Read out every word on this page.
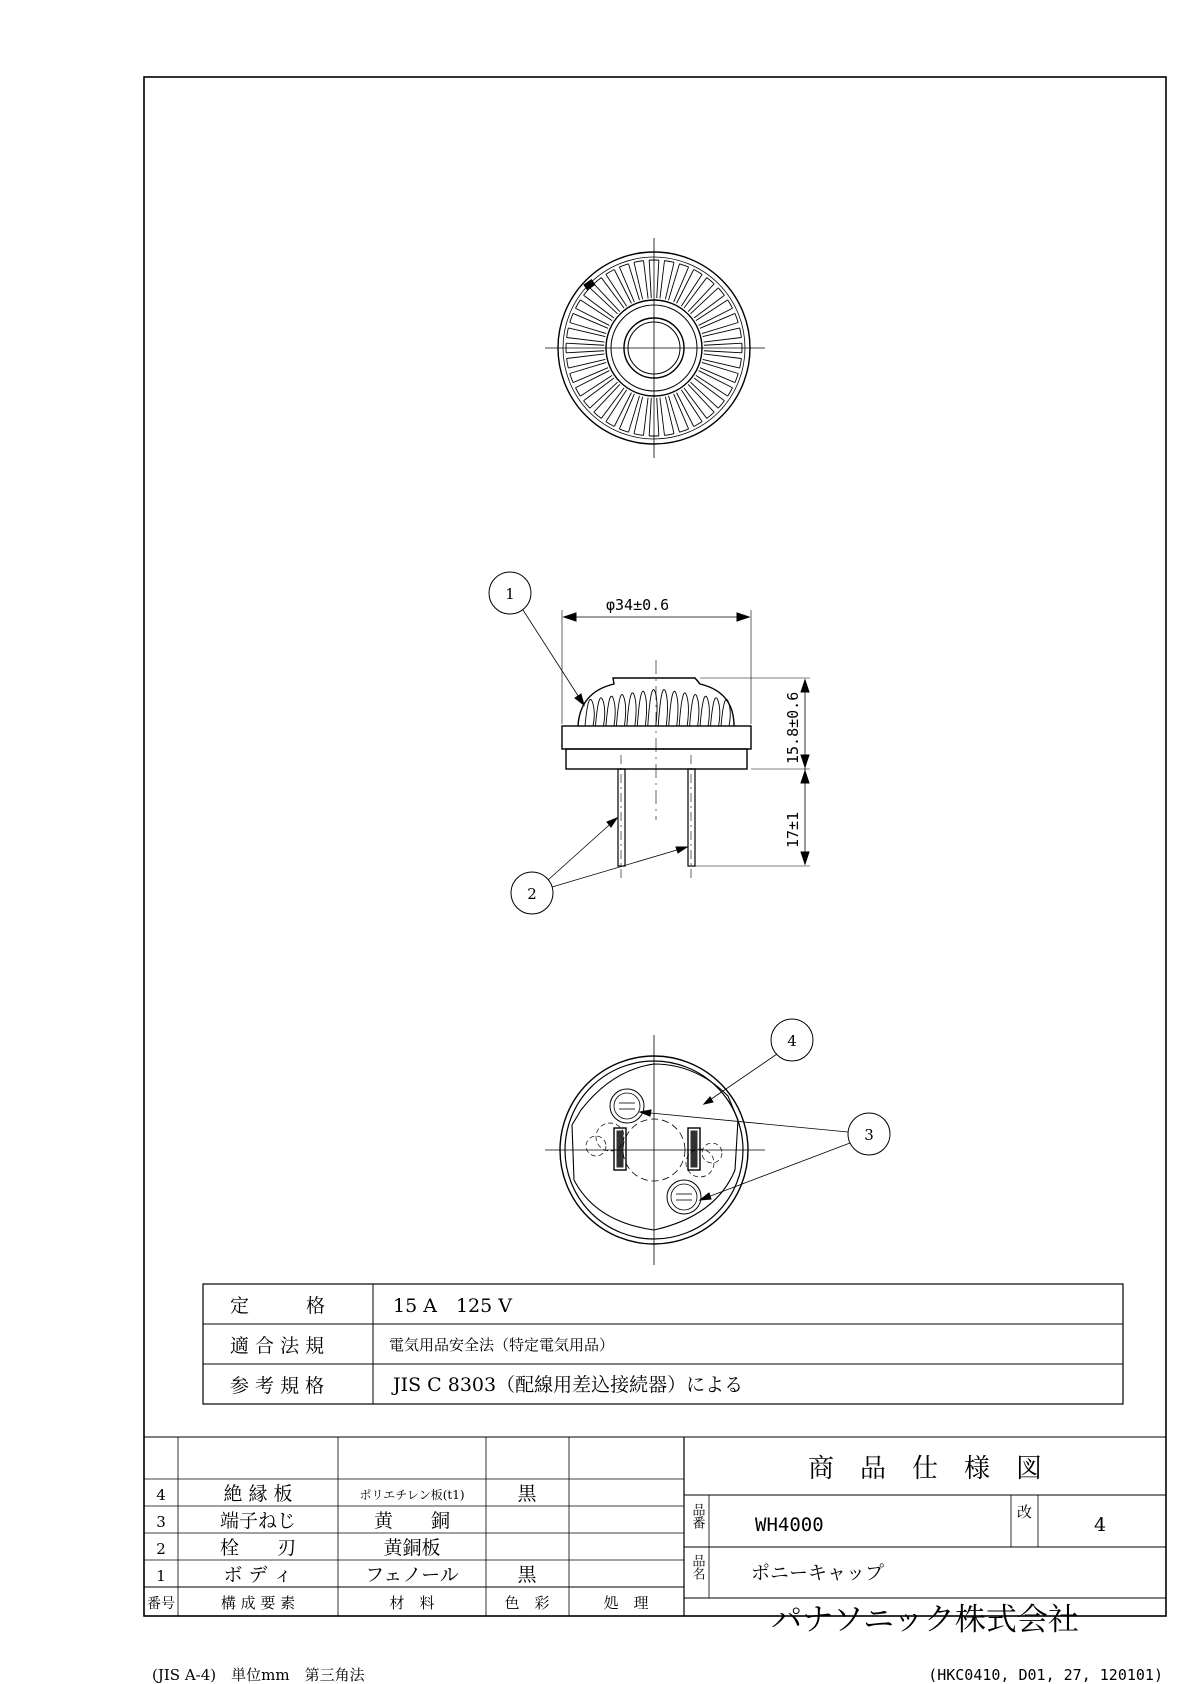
φ34±0.6
15.8±0.6
17±1
1
2
3
4
定　　　格	15 A　125 V
適 合 法 規	電気用品安全法（特定電気用品）
参 考 規 格	JIS C 8303（配線用差込接続器）による
4	絶 縁 板	ポリエチレン板(t1)	黒
3	端子ねじ	黄　　銅
2	栓　　刃	黄銅板
1	ボ デ ィ	フェノール	黒
番号	構 成 要 素	材　料	色　彩	処　理
商　品　仕　様　図
品番	WH4000
改
4
品名 ポニーキャップ
パナソニック株式会社
(JIS A-4)　単位mm　第三角法	(HKC0410, D01, 27, 120101)
